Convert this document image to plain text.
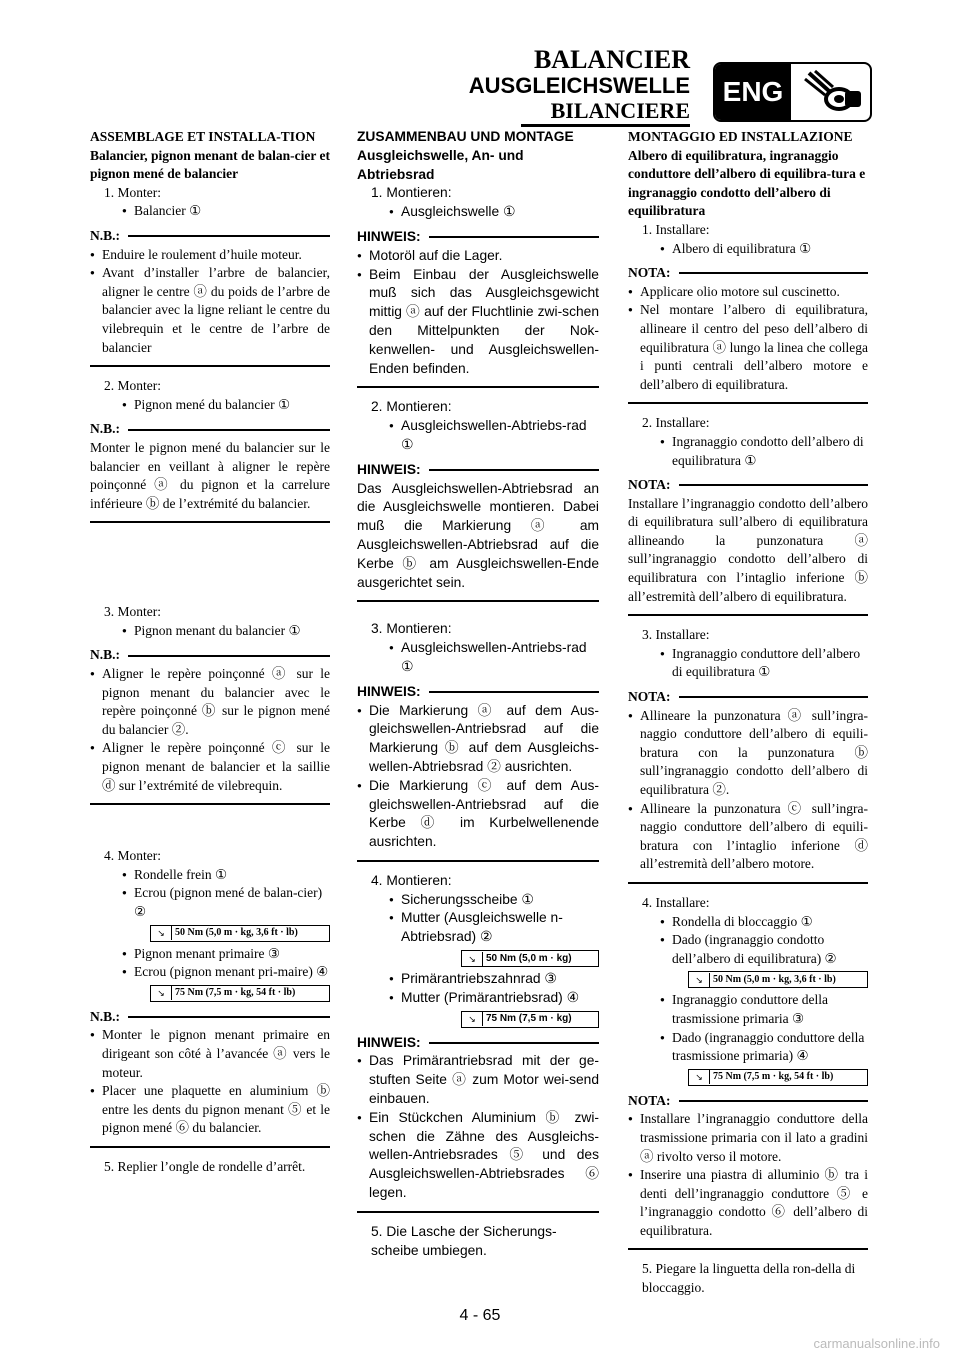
BALANCIER
AUSGLEICHSWELLE
BILANCIERE
ENG
ASSEMBLAGE ET INSTALLA-TION
Balancier, pignon menant de balan-cier et pignon mené de balancier
1. Monter:
● Balancier ①
N.B.:
● Enduire le roulement d’huile moteur.
● Avant d’installer l’arbre de balancier, aligner le centre ⓐ du poids de l’arbre de balancier avec la ligne reliant le centre du vilebrequin et le centre de l’arbre de balancier
2. Monter:
● Pignon mené du balancier ①
N.B.:
Monter le pignon mené du balancier sur le balancier en veillant à aligner le repère poinçonné ⓐ du pignon et la carrelure inférieure ⓑ de l’extrémité du balancier.
3. Monter:
● Pignon menant du balancier ①
N.B.:
● Aligner le repère poinçonné ⓐ sur le pignon menant du balancier avec le repère poinçonné ⓑ sur le pignon mené du balancier ②.
● Aligner le repère poinçonné ⓒ sur le pignon menant de balancier et la saillie ⓓ sur l’extrémité de vilebrequin.
4. Monter:
● Rondelle frein ①
● Ecrou (pignon mené de balan-cier) ②
↘	50 Nm (5,0 m · kg, 3,6 ft · lb)
● Pignon menant primaire ③
● Ecrou (pignon menant pri-maire) ④
↘	75 Nm (7,5 m · kg, 54 ft · lb)
N.B.:
● Monter le pignon menant primaire en dirigeant son côté à l’avancée ⓐ vers le moteur.
● Placer une plaquette en aluminium ⓑ entre les dents du pignon menant ⑤ et le pignon mené ⑥ du balancier.
5. Replier l’ongle de rondelle d’arrêt.
ZUSAMMENBAU UND MONTAGE
Ausgleichswelle, An- und Abtriebsrad
1. Montieren:
● Ausgleichswelle ①
HINWEIS:
● Motoröl auf die Lager.
● Beim Einbau der Ausgleichswelle muß sich das Ausgleichsgewicht mittig ⓐ auf der Fluchtlinie zwi-schen den Mittelpunkten der Nok-kenwellen- und Ausgleichswellen-Enden befinden.
2. Montieren:
● Ausgleichswellen-Abtriebs-rad ①
HINWEIS:
Das Ausgleichswellen-Abtriebsrad an die Ausgleichswelle montieren. Dabei muß die Markierung ⓐ am Ausgleichswellen-Abtriebsrad auf die Kerbe ⓑ am Ausgleichswellen-Ende ausgerichtet sein.
3. Montieren:
● Ausgleichswellen-Antriebs-rad ①
HINWEIS:
● Die Markierung ⓐ auf dem Aus-gleichswellen-Antriebsrad auf die Markierung ⓑ auf dem Ausgleichs-wellen-Abtriebsrad ② ausrichten.
● Die Markierung ⓒ auf dem Aus-gleichswellen-Antriebsrad auf die Kerbe ⓓ im Kurbelwellenende ausrichten.
4. Montieren:
● Sicherungsscheibe ①
● Mutter (Ausgleichswelle n-Abtriebsrad) ②
↘	50 Nm (5,0 m · kg)
● Primärantriebszahnrad ③
● Mutter (Primärantriebsrad) ④
↘	75 Nm (7,5 m · kg)
HINWEIS:
● Das Primärantriebsrad mit der ge-stuften Seite ⓐ zum Motor wei-send einbauen.
● Ein Stückchen Aluminium ⓑ zwi-schen die Zähne des Ausgleichs-wellen-Antriebsrades ⑤ und des Ausgleichswellen-Abtriebsrades ⑥ legen.
5. Die Lasche der Sicherungs-scheibe umbiegen.
MONTAGGIO ED INSTALLAZIONE
Albero di equilibratura, ingranaggio conduttore dell’albero di equilibra-tura e ingranaggio condotto dell’albero di equilibratura
1. Installare:
● Albero di equilibratura ①
NOTA:
● Applicare olio motore sul cuscinetto.
● Nel montare l’albero di equilibratura, allineare il centro del peso dell’albero di equilibratura ⓐ lungo la linea che collega i punti centrali dell’albero motore e dell’albero di equilibratura.
2. Installare:
● Ingranaggio condotto dell’albero di equilibratura ①
NOTA:
Installare l’ingranaggio condotto dell’albero di equilibratura sull’albero di equilibratura allineando la punzonatura ⓐ sull’ingranaggio condotto dell’albero di equilibratura con l’intaglio inferione ⓑ all’estremità dell’albero di equilibratura.
3. Installare:
● Ingranaggio conduttore dell’albero di equilibratura ①
NOTA:
● Allineare la punzonatura ⓐ sull’ingra-naggio conduttore dell’albero di equili-bratura con la punzonatura ⓑ sull’ingranaggio condotto dell’albero di equilibratura ②.
● Allineare la punzonatura ⓒ sull’ingra-naggio conduttore dell’albero di equili-bratura con l’intaglio inferione ⓓ all’estremità dell’albero motore.
4. Installare:
● Rondella di bloccaggio ①
● Dado (ingranaggio condotto dell’albero di equilibratura) ②
↘	50 Nm (5,0 m · kg, 3,6 ft · lb)
● Ingranaggio conduttore della trasmissione primaria ③
● Dado (ingranaggio conduttore della trasmissione primaria) ④
↘	75 Nm (7,5 m · kg, 54 ft · lb)
NOTA:
● Installare l’ingranaggio conduttore della trasmissione primaria con il lato a gradini ⓐ rivolto verso il motore.
● Inserire una piastra di alluminio ⓑ tra i denti dell’ingranaggio conduttore ⑤ e l’ingranaggio condotto ⑥ dell’albero di equilibratura.
5. Piegare la linguetta della ron-della di bloccaggio.
4 - 65
carmanualsonline.info
